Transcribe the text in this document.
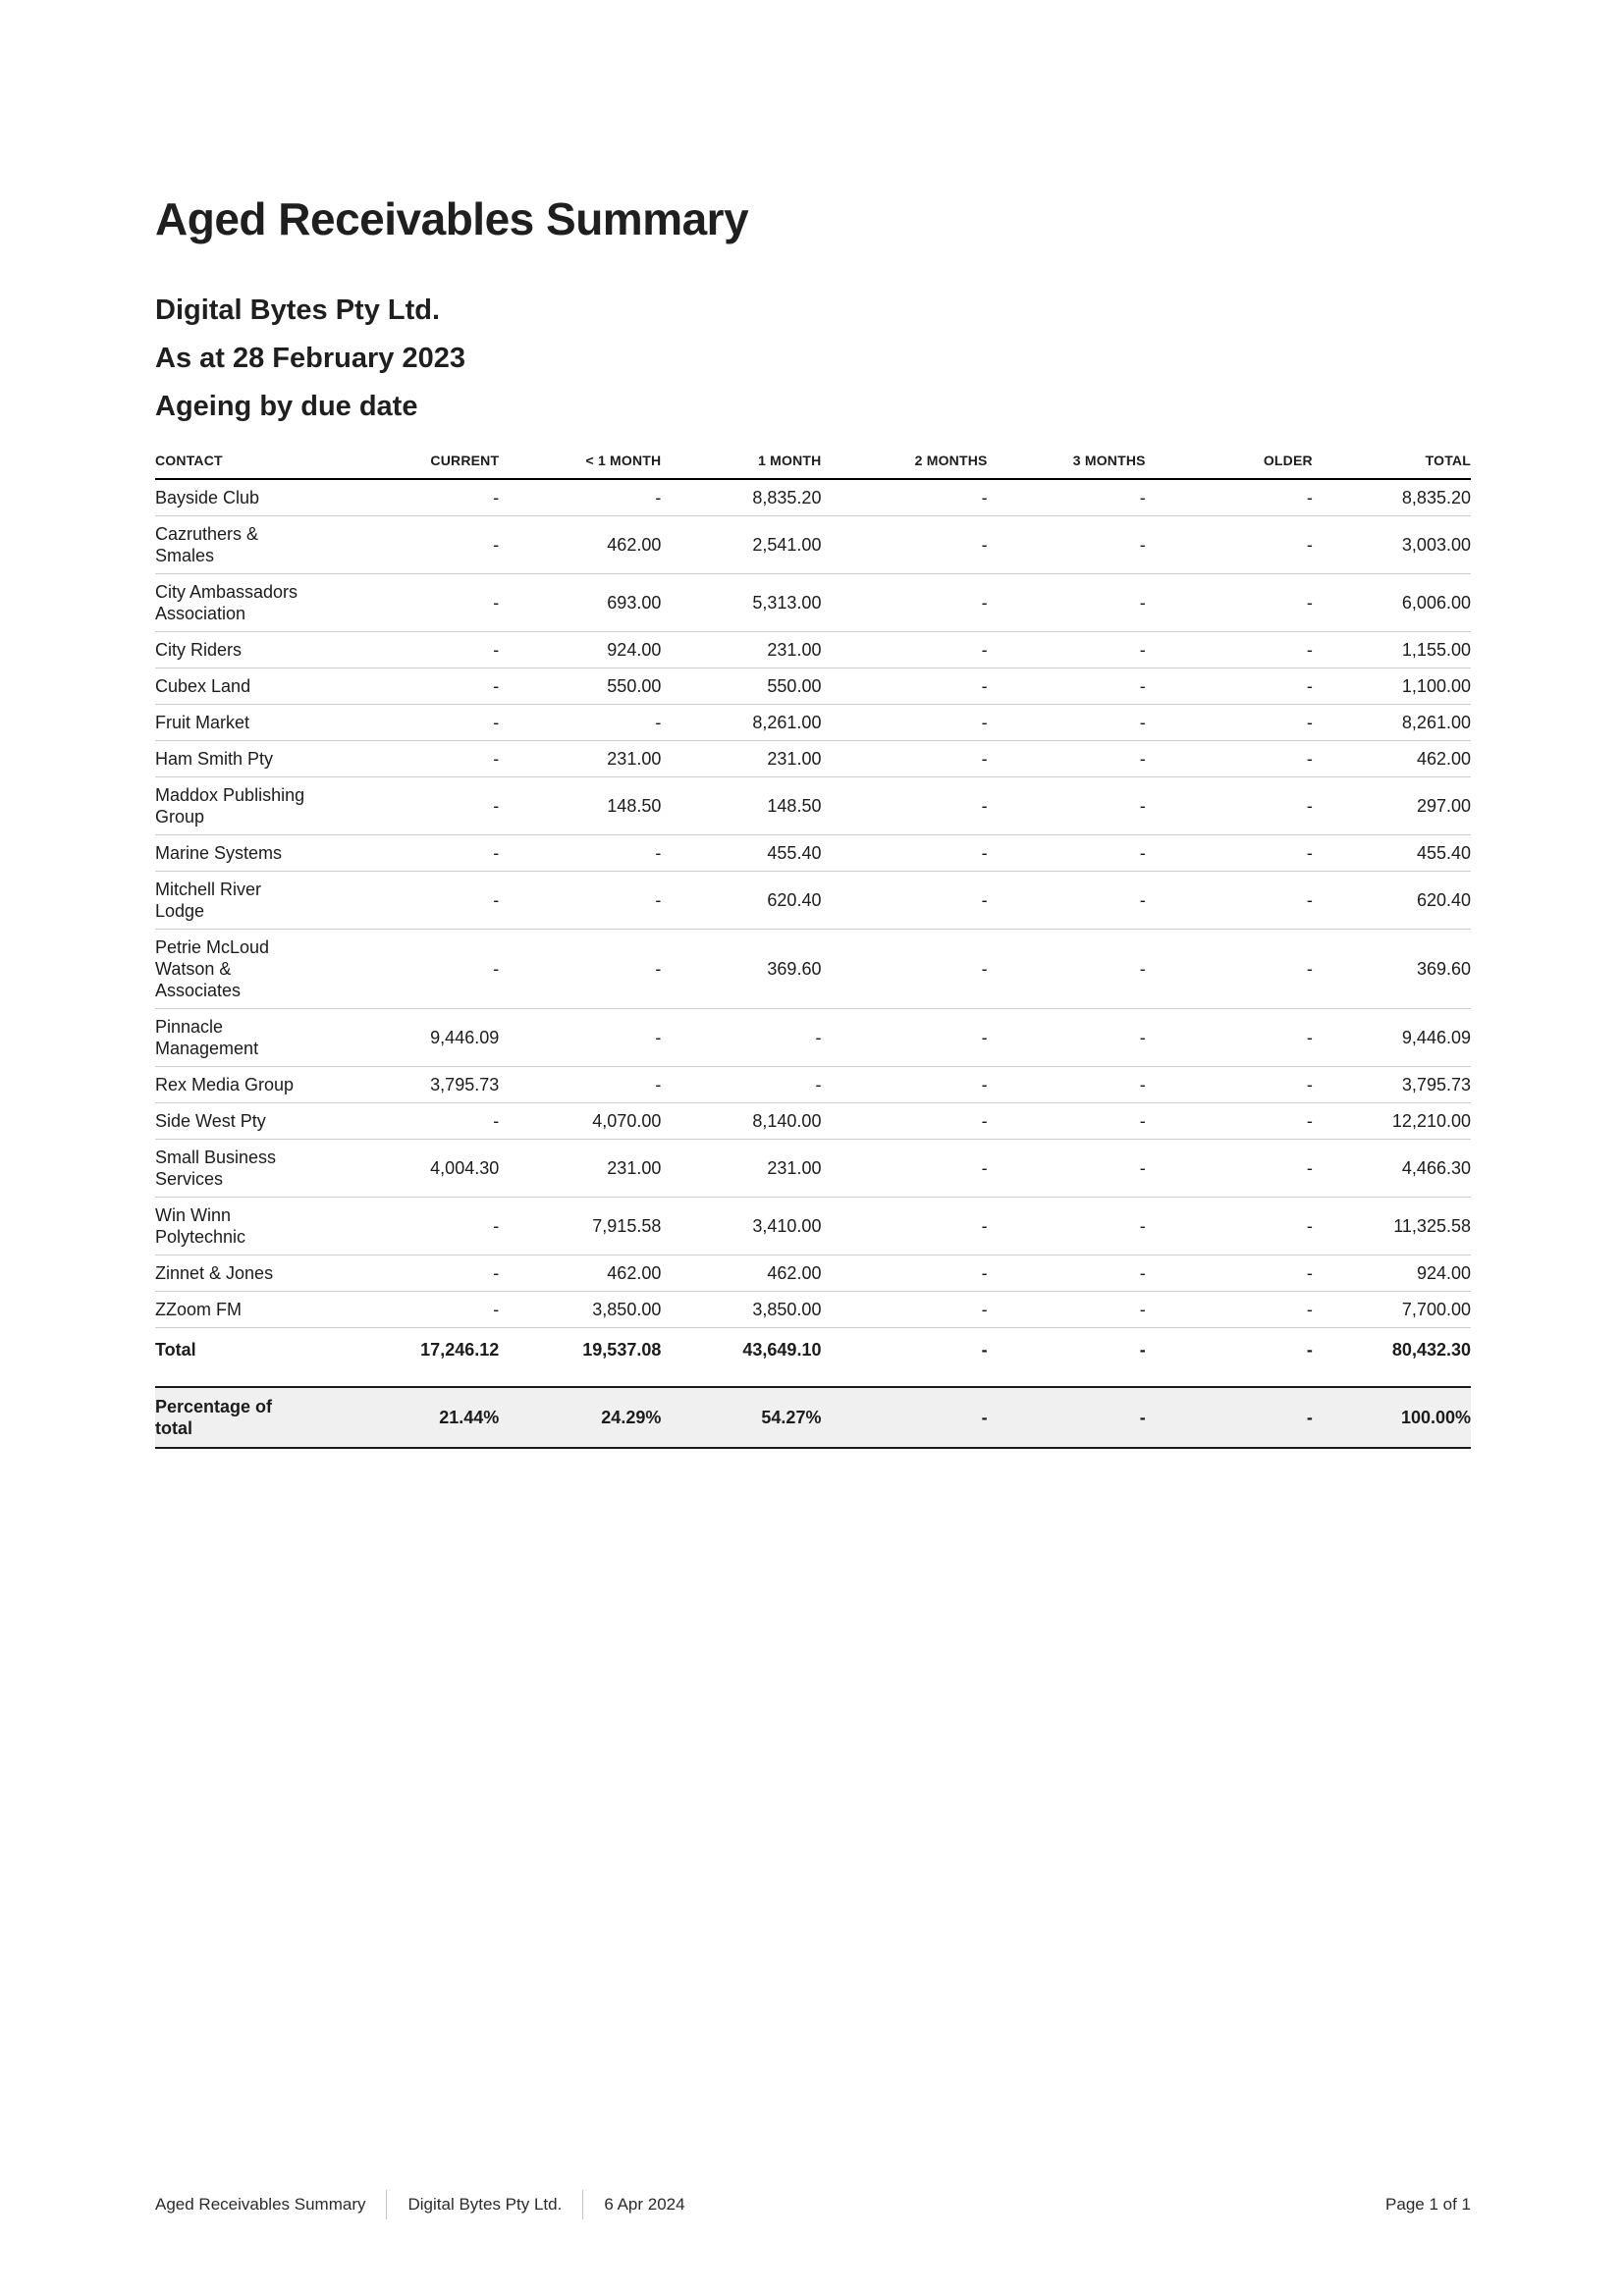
Aged Receivables Summary

Digital Bytes Pty Ltd.

As at 28 February 2023

Ageing by due date

CONTACT	CURRENT	< 1 MONTH	1 MONTH	2 MONTHS	3 MONTHS	OLDER	TOTAL

Bayside Club	-	-	8,835.20	-	-	-	8,835.20

Cazruthers & Smales	-	462.00	2,541.00	-	-	-	3,003.00

City Ambassadors Association	-	693.00	5,313.00	-	-	-	6,006.00

City Riders	-	924.00	231.00	-	-	-	1,155.00

Cubex Land	-	550.00	550.00	-	-	-	1,100.00

Fruit Market	-	-	8,261.00	-	-	-	8,261.00

Ham Smith Pty	-	231.00	231.00	-	-	-	462.00

Maddox Publishing Group	-	148.50	148.50	-	-	-	297.00

Marine Systems	-	-	455.40	-	-	-	455.40

Mitchell River Lodge	-	-	620.40	-	-	-	620.40

Petrie McLoud Watson & Associates	-	-	369.60	-	-	-	369.60

Pinnacle Management	9,446.09	-	-	-	-	-	9,446.09

Rex Media Group	3,795.73	-	-	-	-	-	3,795.73

Side West Pty	-	4,070.00	8,140.00	-	-	-	12,210.00

Small Business Services	4,004.30	231.00	231.00	-	-	-	4,466.30

Win Winn Polytechnic	-	7,915.58	3,410.00	-	-	-	11,325.58

Zinnet & Jones	-	462.00	462.00	-	-	-	924.00

ZZoom FM	-	3,850.00	3,850.00	-	-	-	7,700.00

Total	17,246.12	19,537.08	43,649.10	-	-	-	80,432.30

Percentage of total	21.44%	24.29%	54.27%	-	-	-	100.00%
Aged Receivables Summary	Digital Bytes Pty Ltd.	6 Apr 2024	Page 1 of 1
